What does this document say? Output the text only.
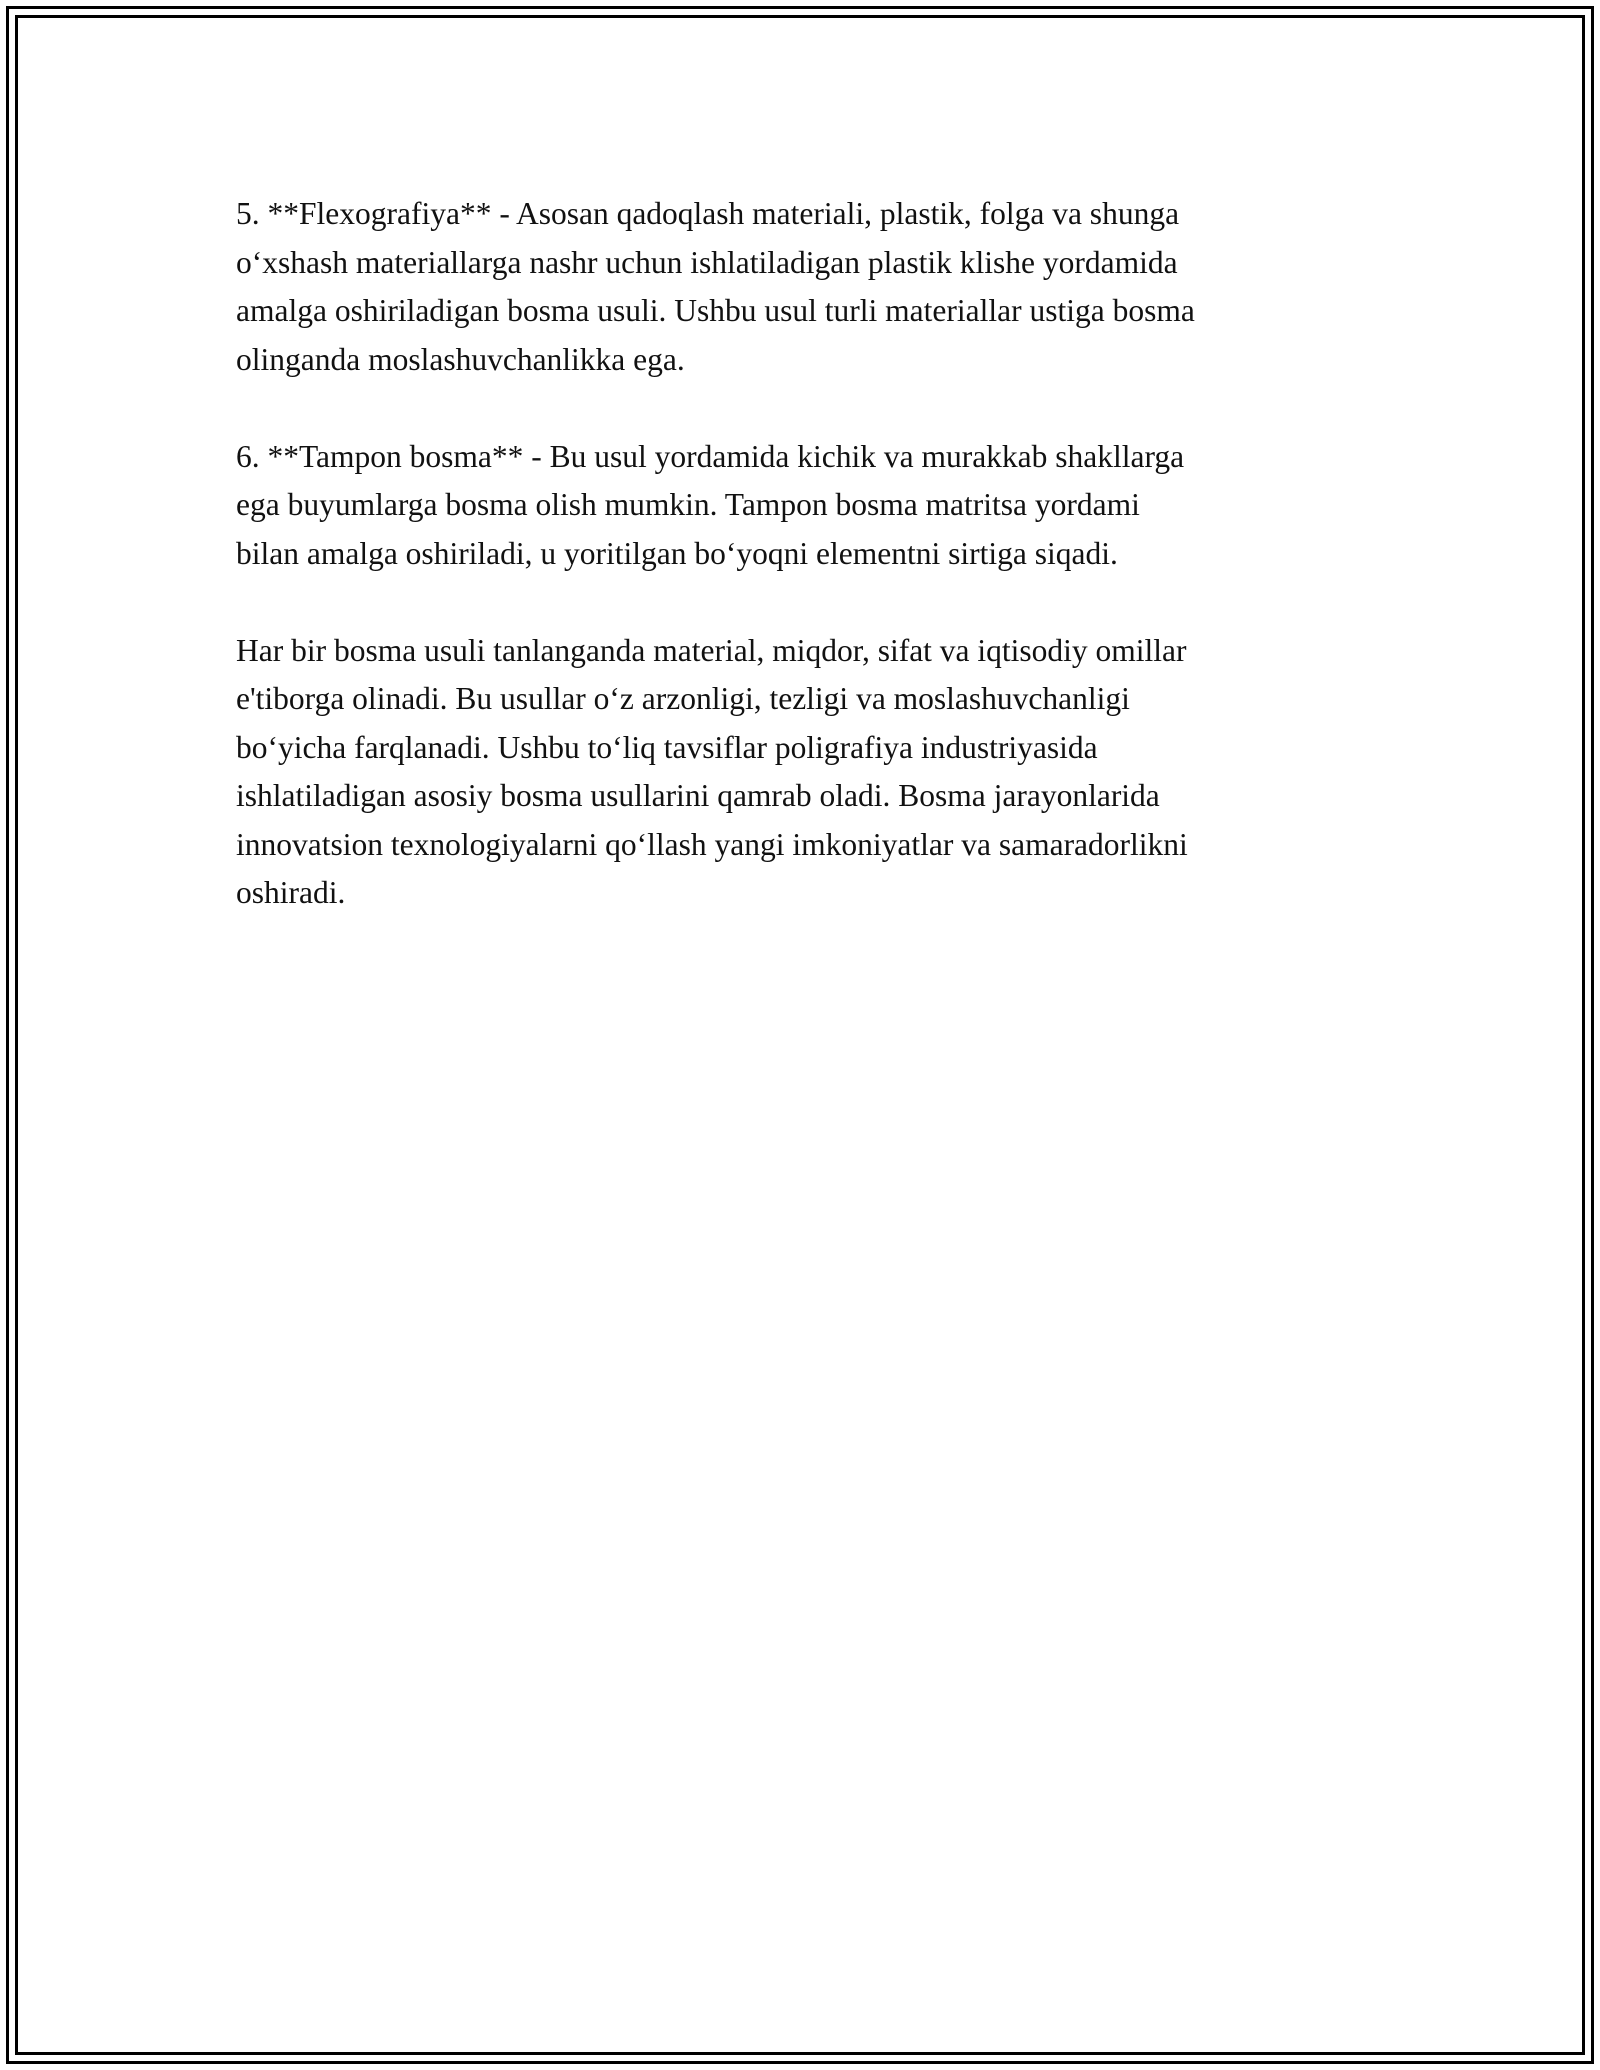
5. **Flexografiya** - Asosan qadoqlash materiali, plastik, folga va shunga
o‘xshash materiallarga nashr uchun ishlatiladigan plastik klishe yordamida
amalga oshiriladigan bosma usuli. Ushbu usul turli materiallar ustiga bosma
olinganda moslashuvchanlikka ega.

6. **Tampon bosma** - Bu usul yordamida kichik va murakkab shakllarga
ega buyumlarga bosma olish mumkin. Tampon bosma matritsa yordami
bilan amalga oshiriladi, u yoritilgan bo‘yoqni elementni sirtiga siqadi.

Har bir bosma usuli tanlanganda material, miqdor, sifat va iqtisodiy omillar
e'tiborga olinadi. Bu usullar o‘z arzonligi, tezligi va moslashuvchanligi
bo‘yicha farqlanadi. Ushbu to‘liq tavsiflar poligrafiya industriyasida
ishlatiladigan asosiy bosma usullarini qamrab oladi. Bosma jarayonlarida
innovatsion texnologiyalarni qo‘llash yangi imkoniyatlar va samaradorlikni
oshiradi.
